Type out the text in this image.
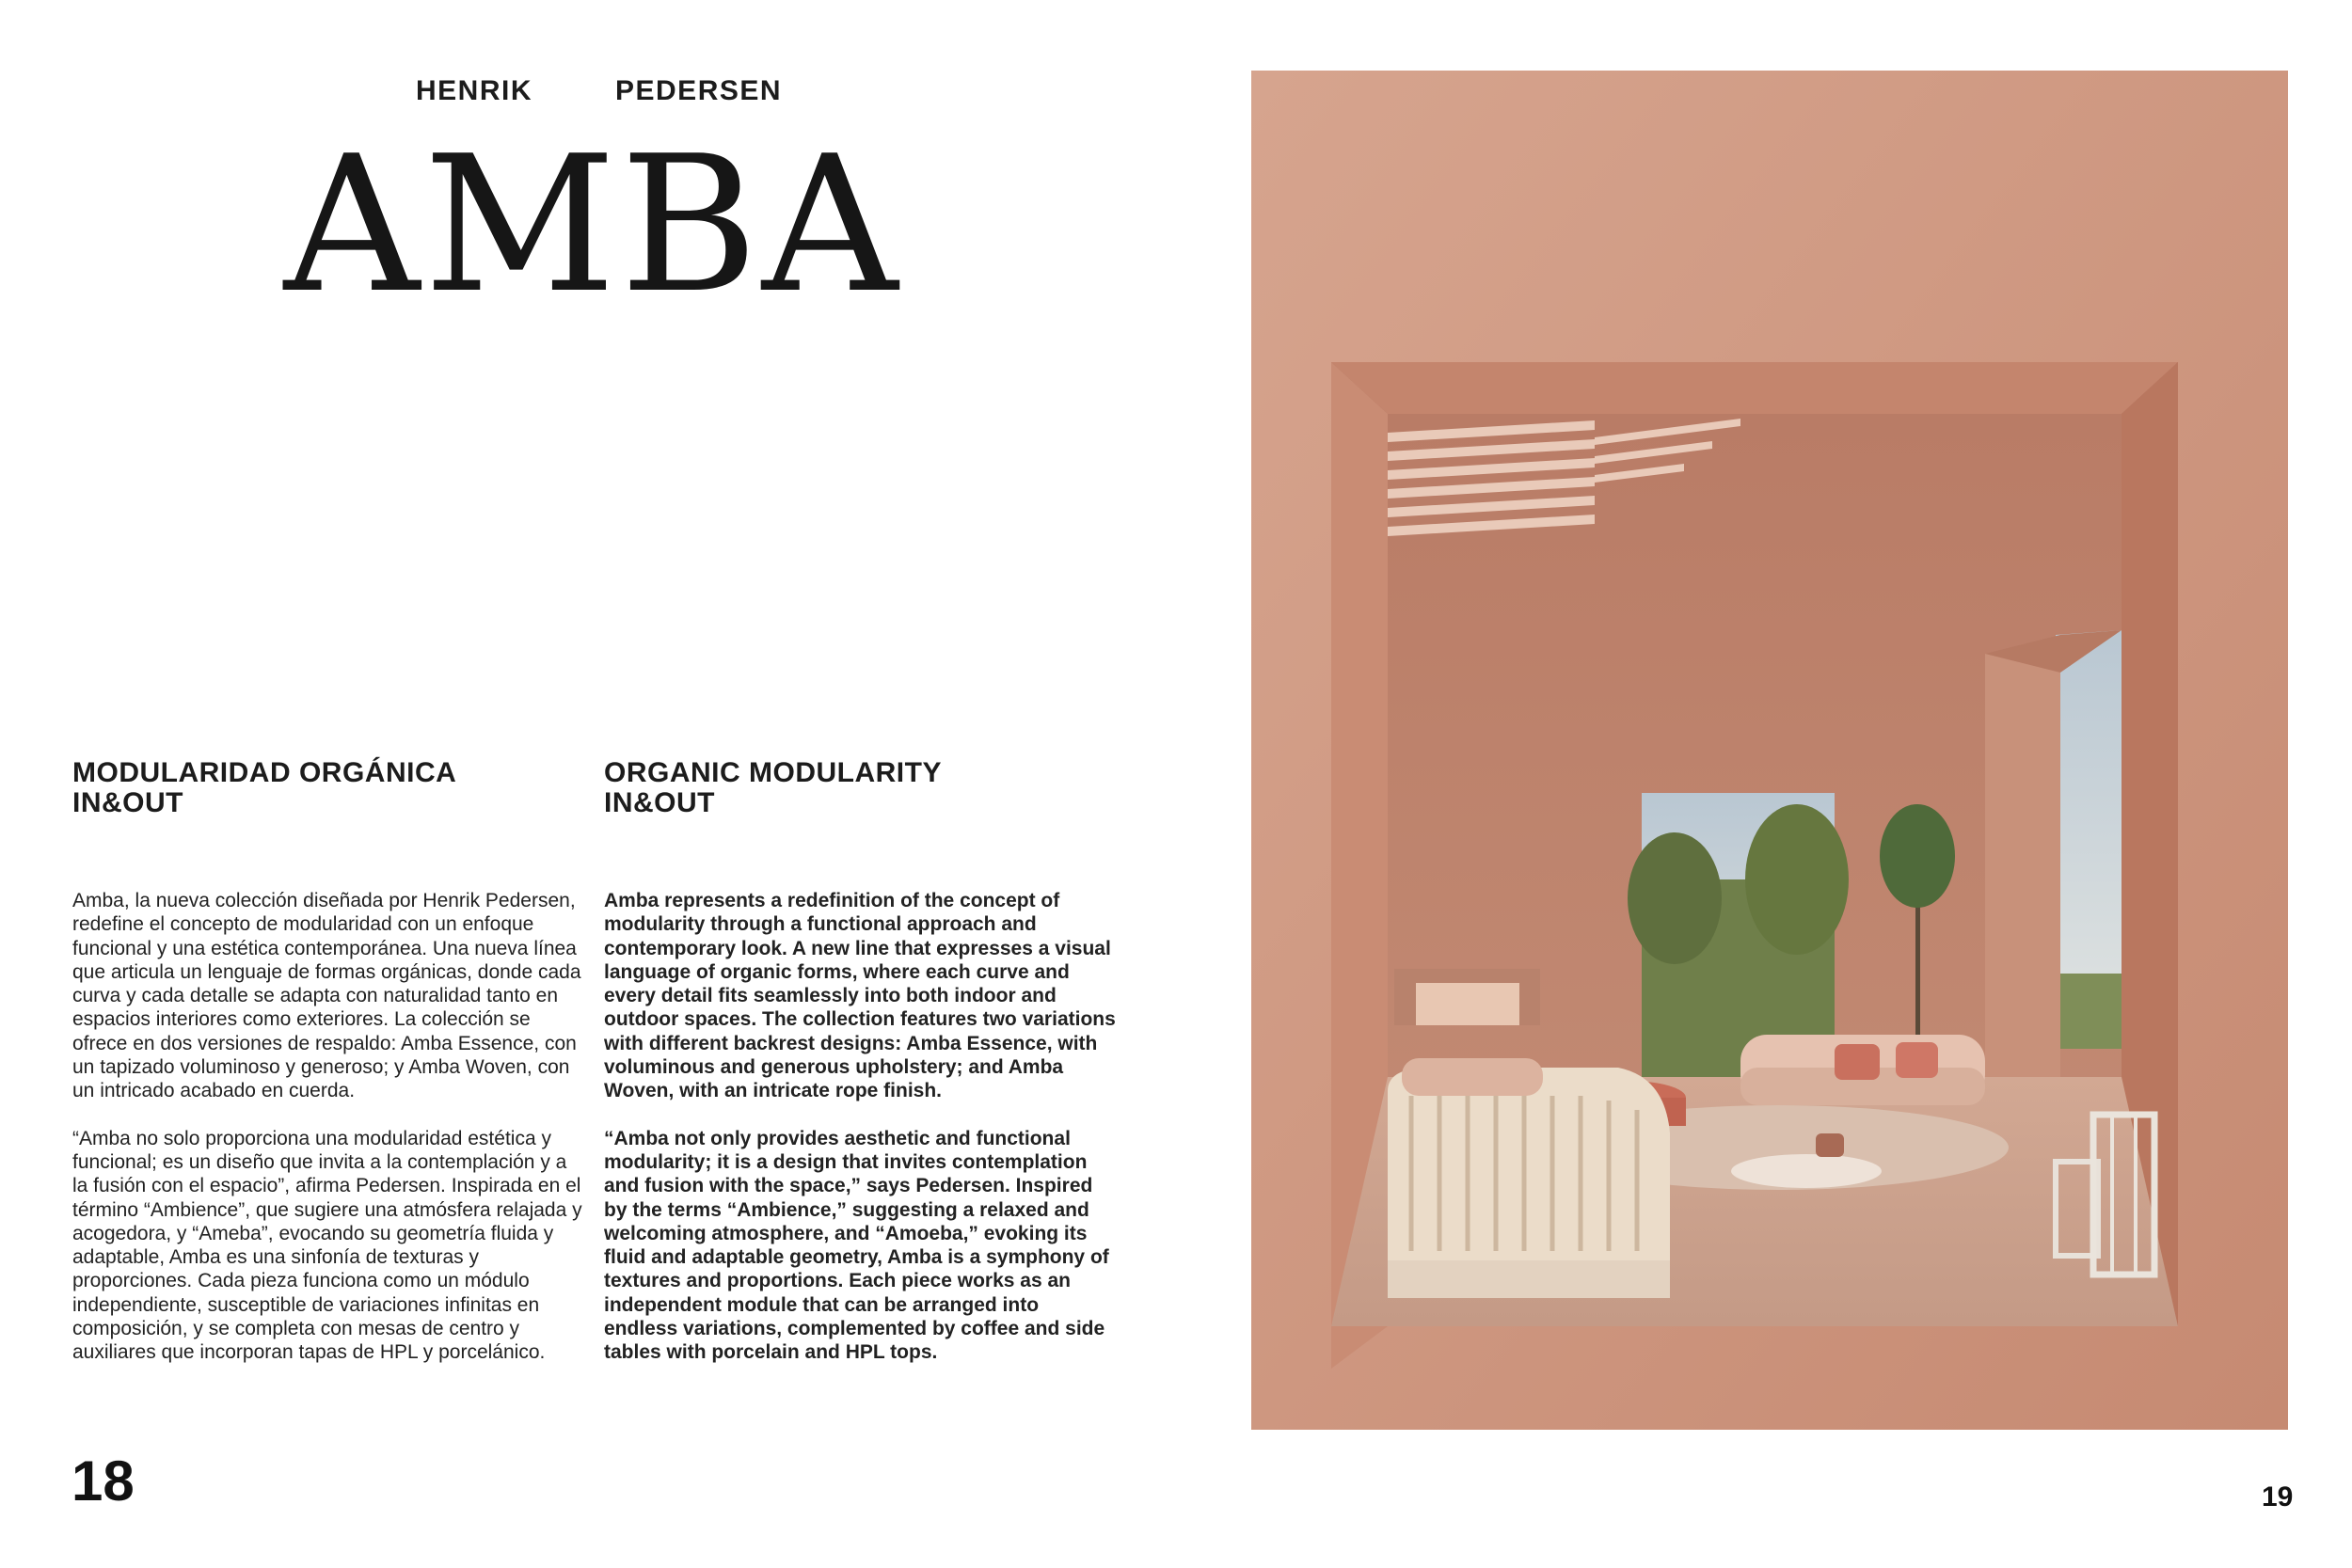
HENRIK	PEDERSEN
AMBA
MODULARIDAD ORGÁNICA
IN&OUT
ORGANIC MODULARITY
IN&OUT

Amba, la nueva colección diseñada por Henrik Pedersen, redefine el concepto de modularidad con un enfoque funcional y una estética contemporánea. Una nueva línea que articula un lenguaje de formas orgánicas, donde cada curva y cada detalle se adapta con naturalidad tanto en espacios interiores como exteriores. La colección se ofrece en dos versiones de respaldo: Amba Essence, con un tapizado voluminoso y generoso; y Amba Woven, con un intricado acabado en cuerda.

“Amba no solo proporciona una modularidad estética y funcional; es un diseño que invita a la contemplación y a la fusión con el espacio”, afirma Pedersen. Inspirada en el término “Ambience”, que sugiere una atmósfera relajada y acogedora, y “Ameba”, evocando su geometría fluida y adaptable, Amba es una sinfonía de texturas y proporciones. Cada pieza funciona como un módulo independiente, susceptible de variaciones infinitas en composición, y se completa con mesas de centro y auxiliares que incorporan tapas de HPL y porcelánico.

Amba represents a redefinition of the concept of modularity through a functional approach and contemporary look. A new line that expresses a visual language of organic forms, where each curve and every detail fits seamlessly into both indoor and outdoor spaces. The collection features two variations with different backrest designs: Amba Essence, with voluminous and generous upholstery; and Amba Woven, with an intricate rope finish.

“Amba not only provides aesthetic and functional modularity; it is a design that invites contemplation and fusion with the space,” says Pedersen. Inspired by the terms “Ambience,” suggesting a relaxed and welcoming atmosphere, and “Amoeba,” evoking its fluid and adaptable geometry, Amba is a symphony of textures and proportions. Each piece works as an independent module that can be arranged into endless variations, complemented by coffee and side tables with porcelain and HPL tops.

18	19
